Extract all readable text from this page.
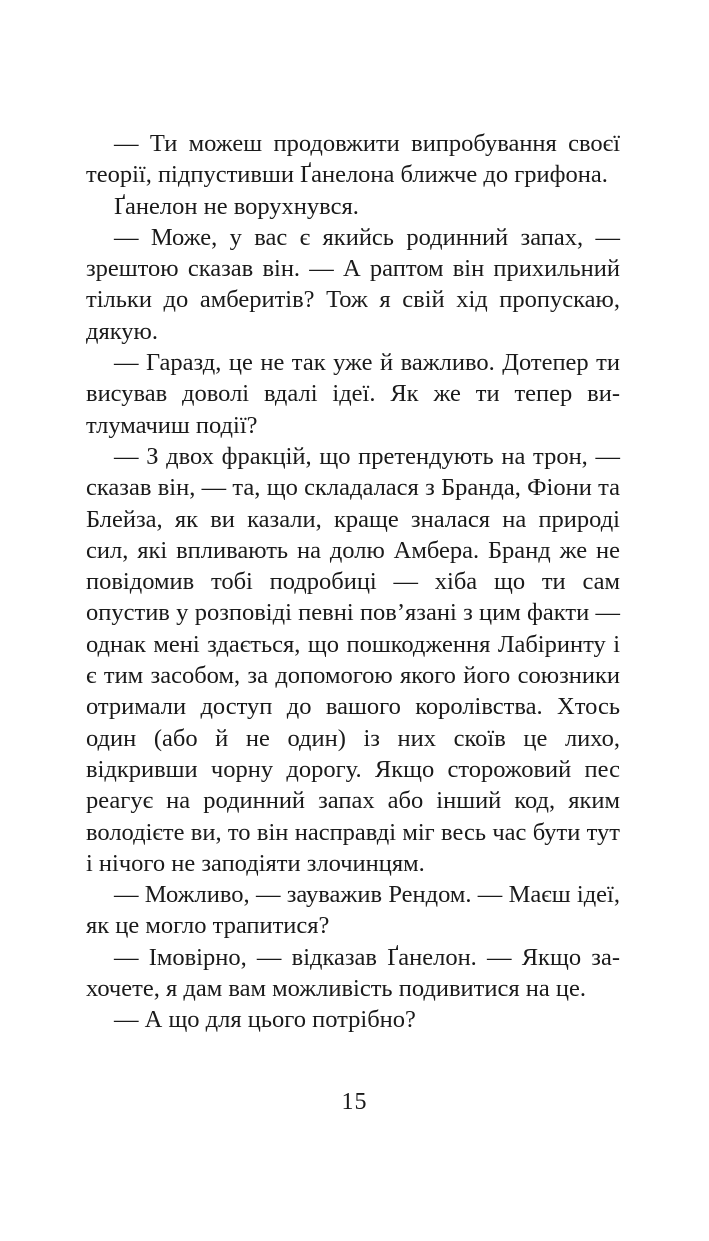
— Ти можеш продовжити випробування своєї теорії, підпустивши Ґанелона ближче до грифона.

Ґанелон не ворухнувся.

— Може, у вас є якийсь родинний запах, — зрештою сказав він. — А раптом він прихильний тільки до амберитів? Тож я свій хід пропускаю, дякую.

— Гаразд, це не так уже й важливо. Дотепер ти висував доволі вдалі ідеї. Як же ти тепер витлумачиш події?

— З двох фракцій, що претендують на трон, — сказав він, — та, що складалася з Бранда, Фіони та Блейза, як ви казали, краще зналася на природі сил, які впливають на долю Амбера. Бранд же не повідомив тобі подробиці — хіба що ти сам опустив у розповіді певні пов’язані з цим факти — однак мені здається, що пошкодження Лабіринту і є тим засобом, за допомогою якого його союзники отримали доступ до вашого королівства. Хтось один (або й не один) із них скоїв це лихо, відкривши чорну дорогу. Якщо сторожовий пес реагує на родинний запах або інший код, яким володієте ви, то він насправді міг весь час бути тут і нічого не заподіяти злочинцям.

— Можливо, — зауважив Рендом. — Маєш ідеї, як це могло трапитися?

— Імовірно, — відказав Ґанелон. — Якщо захочете, я дам вам можливість подивитися на це.

— А що для цього потрібно?

15
